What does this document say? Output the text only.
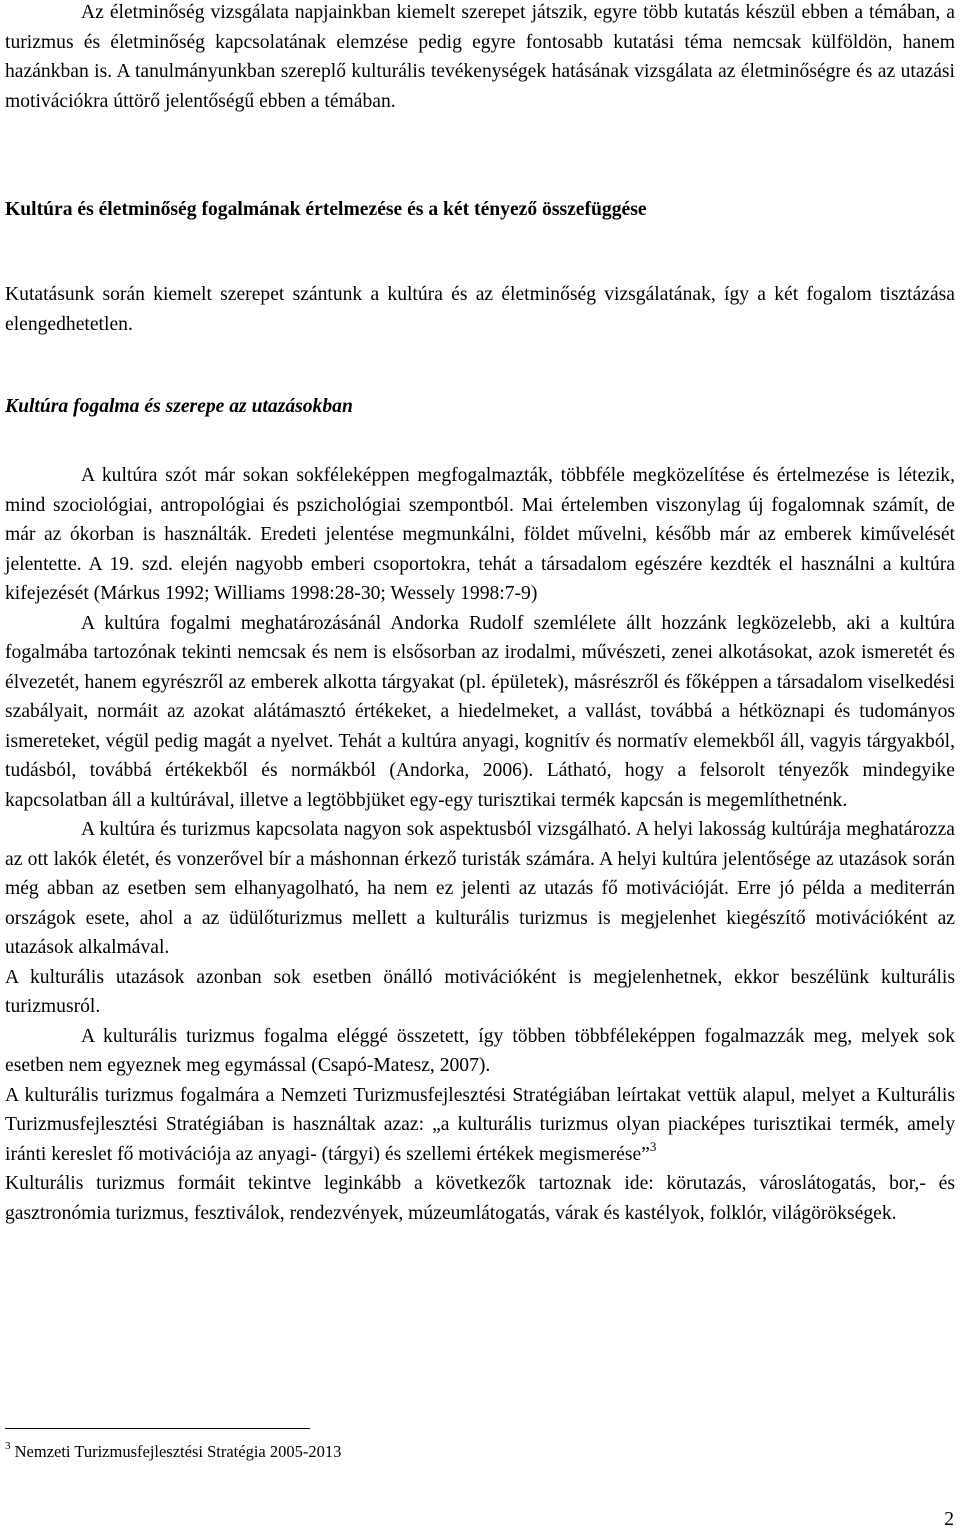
Az életminőség vizsgálata napjainkban kiemelt szerepet játszik, egyre több kutatás készül ebben a témában, a turizmus és életminőség kapcsolatának elemzése pedig egyre fontosabb kutatási téma nemcsak külföldön, hanem hazánkban is. A tanulmányunkban szereplő kulturális tevékenységek hatásának vizsgálata az életminőségre és az utazási motivációkra úttörő jelentőségű ebben a témában.

Kultúra és életminőség fogalmának értelmezése és a két tényező összefüggése

Kutatásunk során kiemelt szerepet szántunk a kultúra és az életminőség vizsgálatának, így a két fogalom tisztázása elengedhetetlen.

Kultúra fogalma és szerepe az utazásokban

A kultúra szót már sokan sokféleképpen megfogalmazták, többféle megközelítése és értelmezése is létezik, mind szociológiai, antropológiai és pszichológiai szempontból. Mai értelemben viszonylag új fogalomnak számít, de már az ókorban is használták. Eredeti jelentése megmunkálni, földet művelni, később már az emberek kiművelését jelentette. A 19. szd. elején nagyobb emberi csoportokra, tehát a társadalom egészére kezdték el használni a kultúra kifejezését (Márkus 1992; Williams 1998:28-30; Wessely 1998:7-9)

A kultúra fogalmi meghatározásánál Andorka Rudolf szemlélete állt hozzánk legközelebb, aki a kultúra fogalmába tartozónak tekinti nemcsak és nem is elsősorban az irodalmi, művészeti, zenei alkotásokat, azok ismeretét és élvezetét, hanem egyrészről az emberek alkotta tárgyakat (pl. épületek), másrészről és főképpen a társadalom viselkedési szabályait, normáit az azokat alátámasztó értékeket, a hiedelmeket, a vallást, továbbá a hétköznapi és tudományos ismereteket, végül pedig magát a nyelvet. Tehát a kultúra anyagi, kognitív és normatív elemekből áll, vagyis tárgyakból, tudásból, továbbá értékekből és normákból (Andorka, 2006). Látható, hogy a felsorolt tényezők mindegyike kapcsolatban áll a kultúrával, illetve a legtöbbjüket egy-egy turisztikai termék kapcsán is megemlíthetnénk.

A kultúra és turizmus kapcsolata nagyon sok aspektusból vizsgálható. A helyi lakosság kultúrája meghatározza az ott lakók életét, és vonzerővel bír a máshonnan érkező turisták számára. A helyi kultúra jelentősége az utazások során még abban az esetben sem elhanyagolható, ha nem ez jelenti az utazás fő motivációját. Erre jó példa a mediterrán országok esete, ahol a az üdülőturizmus mellett a kulturális turizmus is megjelenhet kiegészítő motivációként az utazások alkalmával.

A kulturális utazások azonban sok esetben önálló motivációként is megjelenhetnek, ekkor beszélünk kulturális turizmusról.

A kulturális turizmus fogalma eléggé összetett, így többen többféleképpen fogalmazzák meg, melyek sok esetben nem egyeznek meg egymással (Csapó-Matesz, 2007).

A kulturális turizmus fogalmára a Nemzeti Turizmusfejlesztési Stratégiában leírtakat vettük alapul, melyet a Kulturális Turizmusfejlesztési Stratégiában is használtak azaz: „a kulturális turizmus olyan piacképes turisztikai termék, amely iránti kereslet fő motivációja az anyagi- (tárgyi) és szellemi értékek megismerése”$^3$

Kulturális turizmus formáit tekintve leginkább a következők tartoznak ide: körutazás, városlátogatás, bor,- és gasztronómia turizmus, fesztiválok, rendezvények, múzeumlátogatás, várak és kastélyok, folklór, világörökségek.

$^3$ Nemzeti Turizmusfejlesztési Stratégia 2005-2013
2
